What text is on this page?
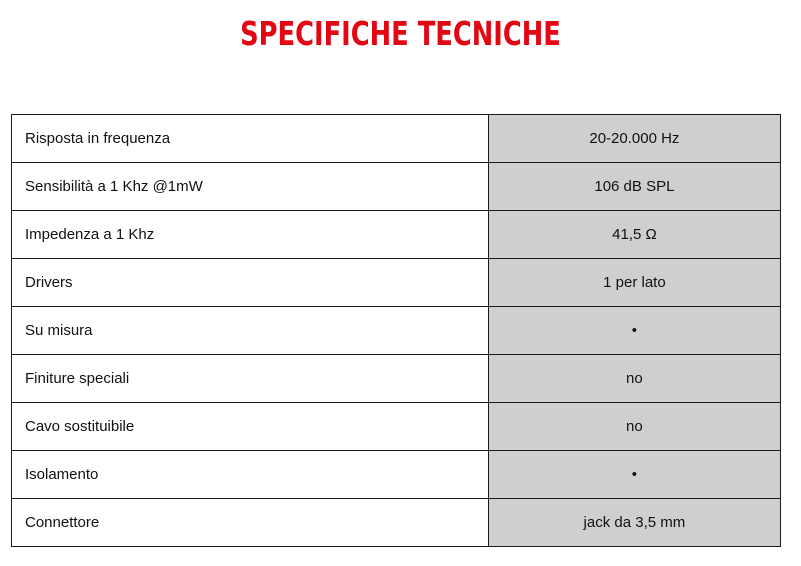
SPECIFICHE TECNICHE
Risposta in frequenza	20-20.000 Hz
Sensibilità a 1 Khz @1mW	106 dB SPL
Impedenza a 1 Khz	41,5 Ω
Drivers	1 per lato
Su misura	•
Finiture speciali	no
Cavo sostituibile	no
Isolamento	•
Connettore	jack da 3,5 mm
